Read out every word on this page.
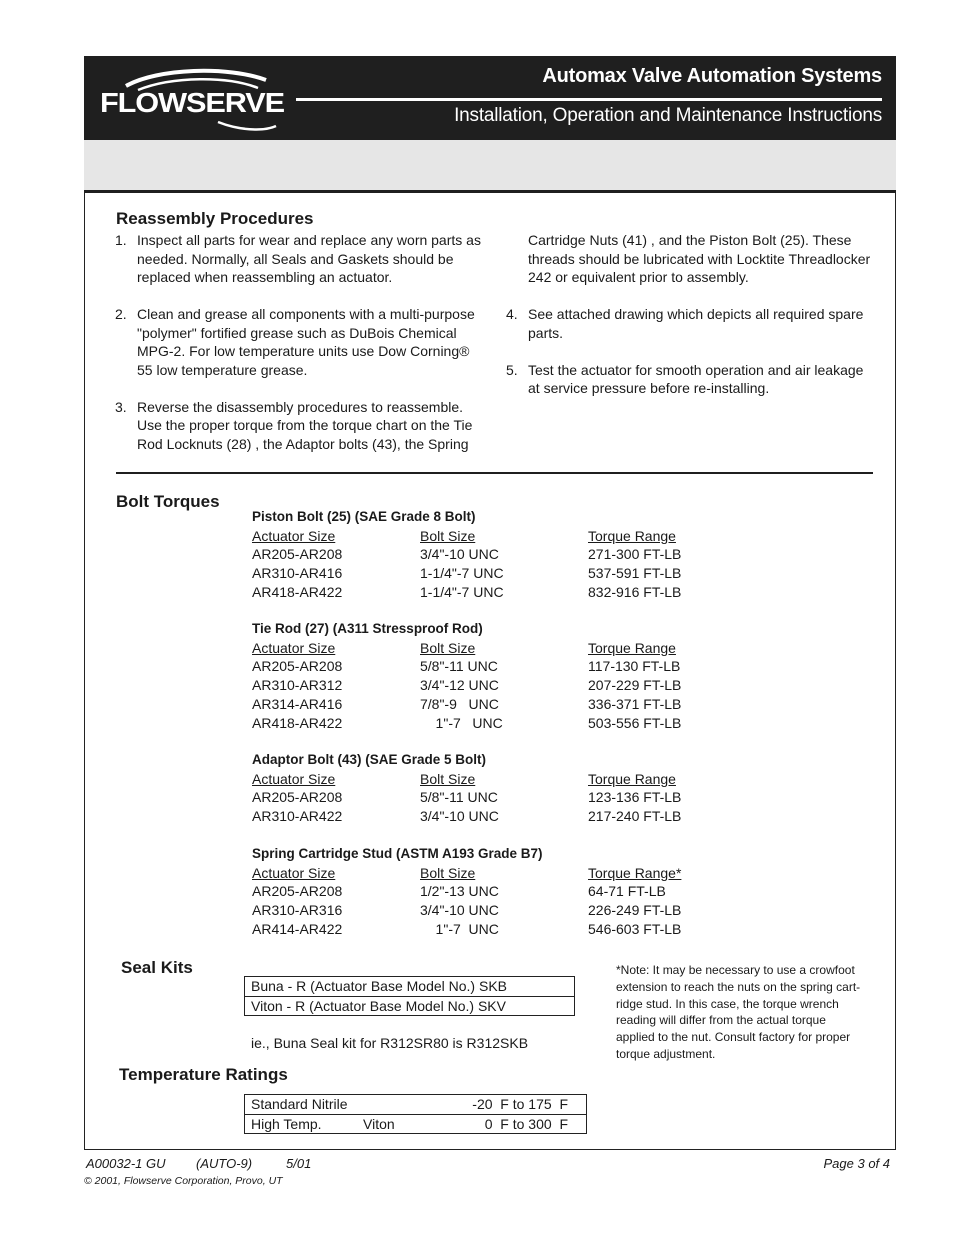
FLOWSERVE
Automax Valve Automation Systems
Installation, Operation and Maintenance Instructions
Reassembly Procedures
1. Inspect all parts for wear and replace any worn parts as
needed. Normally, all Seals and Gaskets should be
replaced when reassembling an actuator.
2. Clean and grease all components with a multi-purpose
"polymer" fortified grease such as DuBois Chemical
MPG-2. For low temperature units use Dow Corning®
55 low temperature grease.
3. Reverse the disassembly procedures to reassemble.
Use the proper torque from the torque chart on the Tie
Rod Locknuts (28) , the Adaptor bolts (43), the Spring
Cartridge Nuts (41) , and the Piston Bolt (25). These
threads should be lubricated with Locktite Threadlocker
242 or equivalent prior to assembly.
4. See attached drawing which depicts all required spare
parts.
5. Test the actuator for smooth operation and air leakage
at service pressure before re-installing.
Bolt Torques
Piston Bolt (25) (SAE Grade 8 Bolt)
Actuator Size	Bolt Size	Torque Range
AR205-AR208	3/4"-10 UNC	271-300 FT-LB
AR310-AR416	1-1/4"-7 UNC	537-591 FT-LB
AR418-AR422	1-1/4"-7 UNC	832-916 FT-LB
Tie Rod (27) (A311 Stressproof Rod)
Actuator Size	Bolt Size	Torque Range
AR205-AR208	5/8"-11 UNC	117-130 FT-LB
AR310-AR312	3/4"-12 UNC	207-229 FT-LB
AR314-AR416	7/8"-9   UNC	336-371 FT-LB
AR418-AR422	1"-7   UNC	503-556 FT-LB
Adaptor Bolt (43) (SAE Grade 5 Bolt)
Actuator Size	Bolt Size	Torque Range
AR205-AR208	5/8"-11 UNC	123-136 FT-LB
AR310-AR422	3/4"-10 UNC	217-240 FT-LB
Spring Cartridge Stud (ASTM A193 Grade B7)
Actuator Size	Bolt Size	Torque Range*
AR205-AR208	1/2"-13 UNC	64-71 FT-LB
AR310-AR316	3/4"-10 UNC	226-249 FT-LB
AR414-AR422	1"-7  UNC	546-603 FT-LB
Seal Kits
Buna - R (Actuator Base Model No.) SKB
Viton - R (Actuator Base Model No.) SKV
ie., Buna Seal kit for R312SR80 is R312SKB
*Note: It may be necessary to use a crowfoot
extension to reach the nuts on the spring cart-
ridge stud. In this case, the torque wrench
reading will differ from the actual torque
applied to the nut. Consult factory for proper
torque adjustment.
Temperature Ratings
Standard Nitrile	-20  F to 175  F
High Temp.	Viton	0  F to 300  F
A00032-1 GU (AUTO-9)	5/01	Page 3 of 4
© 2001, Flowserve Corporation, Provo, UT
